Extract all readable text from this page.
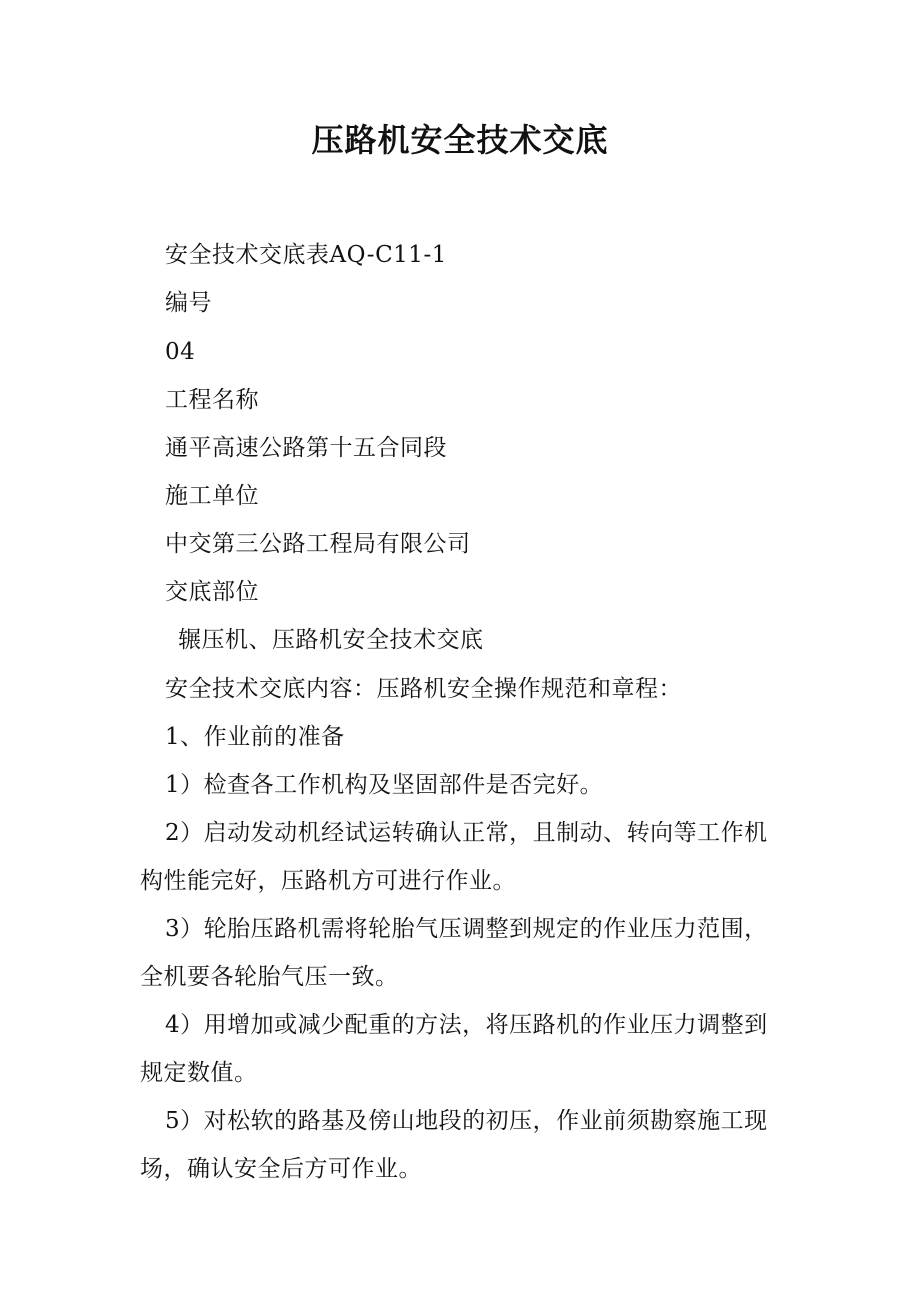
压路机安全技术交底
安全技术交底表AQ-C11-1
编号
04
工程名称
通平高速公路第十五合同段
施工单位
中交第三公路工程局有限公司
交底部位
辗压机、压路机安全技术交底
安全技术交底内容：压路机安全操作规范和章程：
1、作业前的准备

1）检查各工作机构及坚固部件是否完好。

2）启动发动机经试运转确认正常，且制动、转向等工作机构性能完好，压路机方可进行作业。

3）轮胎压路机需将轮胎气压调整到规定的作业压力范围，全机要各轮胎气压一致。

4）用增加或减少配重的方法，将压路机的作业压力调整到规定数值。

5）对松软的路基及傍山地段的初压，作业前须勘察施工现场，确认安全后方可作业。
